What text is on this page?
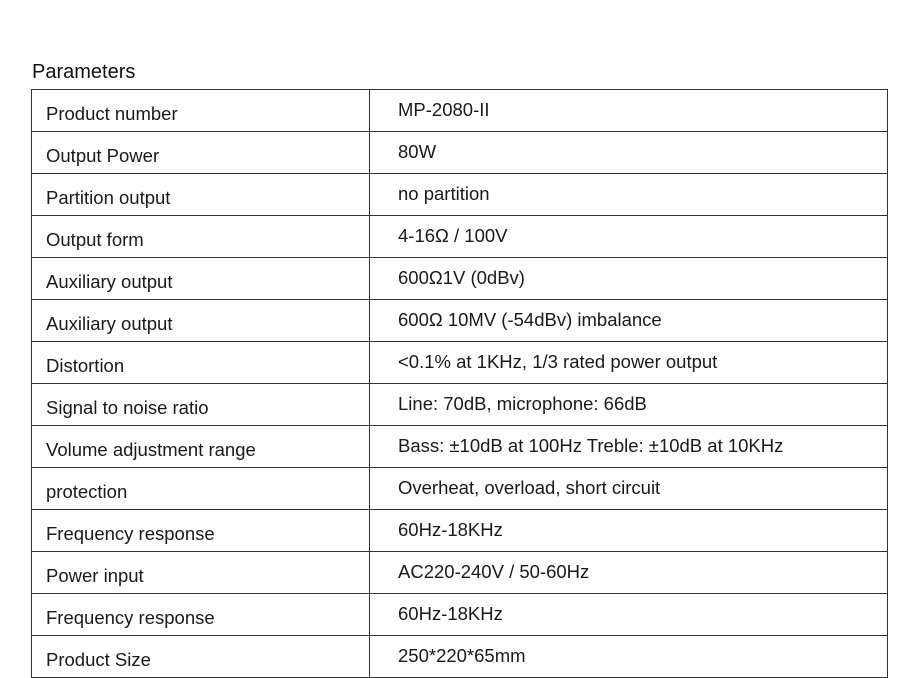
Parameters
Product number	MP-2080-II
Output Power	80W
Partition output	no partition
Output form	4-16Ω / 100V
Auxiliary output	600Ω1V (0dBv)
Auxiliary output	600Ω 10MV (-54dBv) imbalance
Distortion	<0.1% at 1KHz, 1/3 rated power output
Signal to noise ratio	Line: 70dB, microphone: 66dB
Volume adjustment range	Bass: ±10dB at 100Hz Treble: ±10dB at 10KHz
protection	Overheat, overload, short circuit
Frequency response	60Hz-18KHz
Power input	AC220-240V / 50-60Hz
Frequency response	60Hz-18KHz
Product Size	250*220*65mm
